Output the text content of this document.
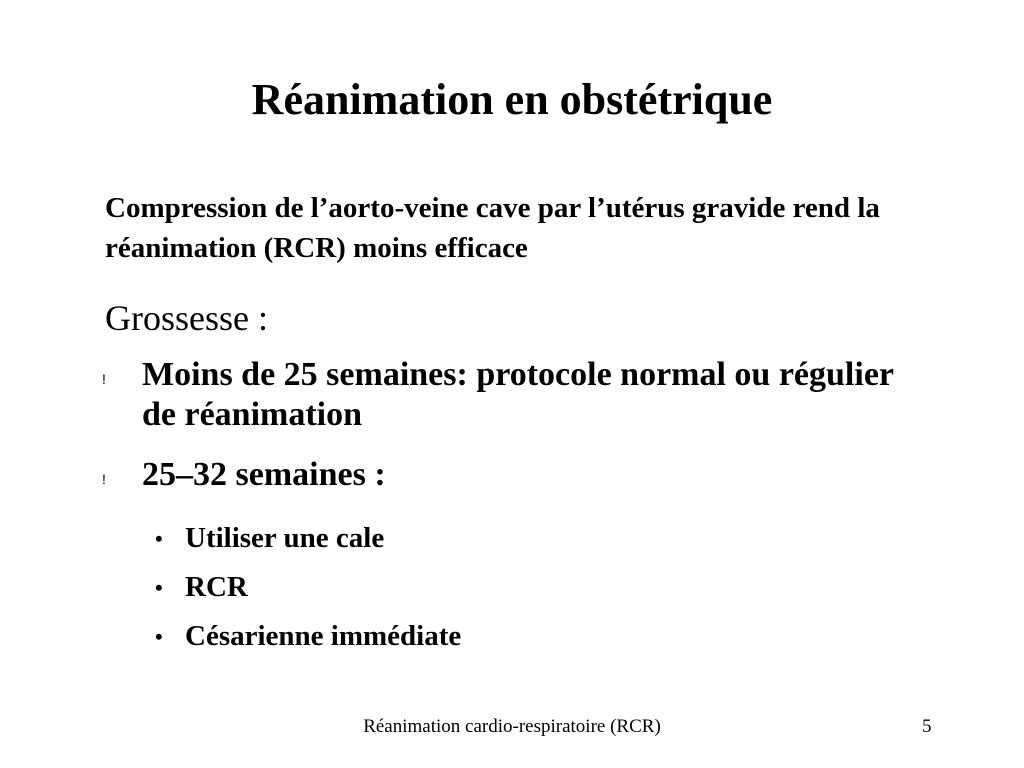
Réanimation en obstétrique

Compression de l’aorto-veine cave par l’utérus gravide rend la réanimation (RCR) moins efficace

Grossesse :

! Moins de 25 semaines: protocole normal ou régulier de réanimation
! 25–32 semaines :
• Utiliser une cale
• RCR
• Césarienne immédiate
Réanimation cardio-respiratoire (RCR)	5
